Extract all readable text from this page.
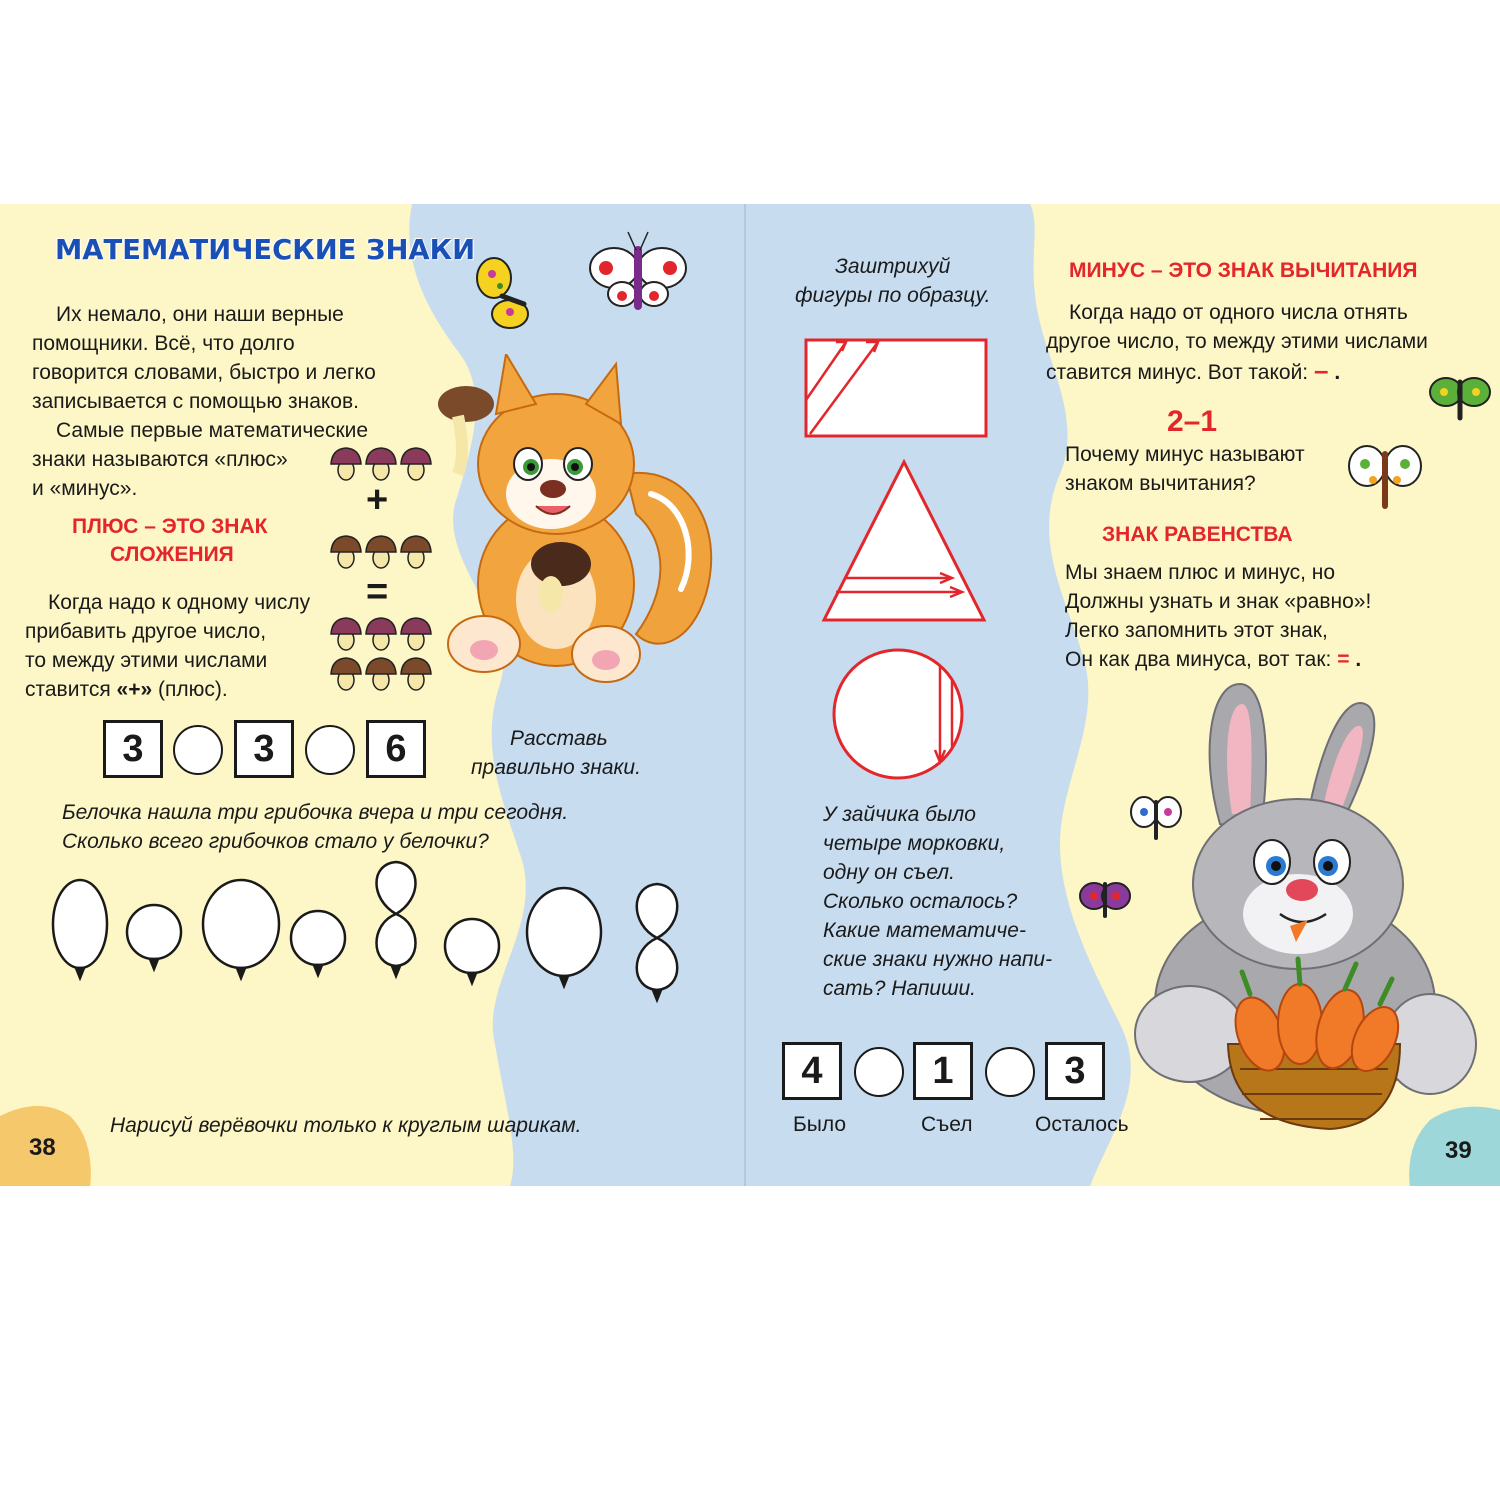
МАТЕМАТИЧЕСКИЕ ЗНАКИ
Их немало, они наши верные
помощники. Всё, что долго
говорится словами, быстро и легко
записывается с помощью знаков.
Самые первые математические
знаки называются «плюс»
и «минус».
ПЛЮС – ЭТО ЗНАК
СЛОЖЕНИЯ
Когда надо к одному числу
прибавить другое число,
то между этими числами
ставится «+» (плюс).
+
=
3	3	6	Расставь
правильно знаки.
Белочка нашла три грибочка вчера и три сегодня.
Сколько всего грибочков стало у белочки?
Нарисуй верёвочки только к круглым шарикам.
38
Заштрихуй
фигуры по образцу.
У зайчика было
четыре морковки,
одну он съел.
Сколько осталось?
Какие математиче-
ские знаки нужно напи-
сать? Напиши.
4	1	3
Было	Съел	Осталось
МИНУС – ЭТО ЗНАК ВЫЧИТАНИЯ
Когда надо от одного числа отнять
другое число, то между этими числами
ставится минус. Вот такой: – .
2–1
Почему минус называют
знаком вычитания?
ЗНАК РАВЕНСТВА
Мы знаем плюс и минус, но
Должны узнать и знак «равно»!
Легко запомнить этот знак,
Он как два минуса, вот так: = .
39
